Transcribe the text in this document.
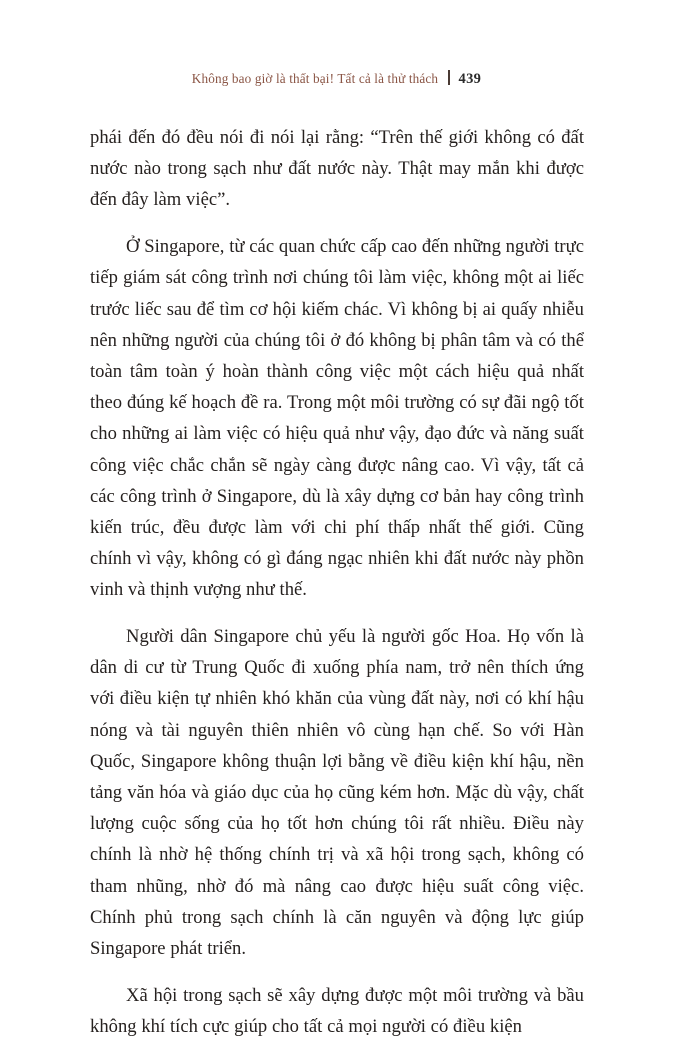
Không bao giờ là thất bại! Tất cả là thử thách 439

phái đến đó đều nói đi nói lại rằng: “Trên thế giới không có đất nước nào trong sạch như đất nước này. Thật may mắn khi được đến đây làm việc”.

Ở Singapore, từ các quan chức cấp cao đến những người trực tiếp giám sát công trình nơi chúng tôi làm việc, không một ai liếc trước liếc sau để tìm cơ hội kiếm chác. Vì không bị ai quấy nhiễu nên những người của chúng tôi ở đó không bị phân tâm và có thể toàn tâm toàn ý hoàn thành công việc một cách hiệu quả nhất theo đúng kế hoạch đề ra. Trong một môi trường có sự đãi ngộ tốt cho những ai làm việc có hiệu quả như vậy, đạo đức và năng suất công việc chắc chắn sẽ ngày càng được nâng cao. Vì vậy, tất cả các công trình ở Singapore, dù là xây dựng cơ bản hay công trình kiến trúc, đều được làm với chi phí thấp nhất thế giới. Cũng chính vì vậy, không có gì đáng ngạc nhiên khi đất nước này phồn vinh và thịnh vượng như thế.

Người dân Singapore chủ yếu là người gốc Hoa. Họ vốn là dân di cư từ Trung Quốc đi xuống phía nam, trở nên thích ứng với điều kiện tự nhiên khó khăn của vùng đất này, nơi có khí hậu nóng và tài nguyên thiên nhiên vô cùng hạn chế. So với Hàn Quốc, Singapore không thuận lợi bằng về điều kiện khí hậu, nền tảng văn hóa và giáo dục của họ cũng kém hơn. Mặc dù vậy, chất lượng cuộc sống của họ tốt hơn chúng tôi rất nhiều. Điều này chính là nhờ hệ thống chính trị và xã hội trong sạch, không có tham nhũng, nhờ đó mà nâng cao được hiệu suất công việc. Chính phủ trong sạch chính là căn nguyên và động lực giúp Singapore phát triển.

Xã hội trong sạch sẽ xây dựng được một môi trường và bầu không khí tích cực giúp cho tất cả mọi người có điều kiện
